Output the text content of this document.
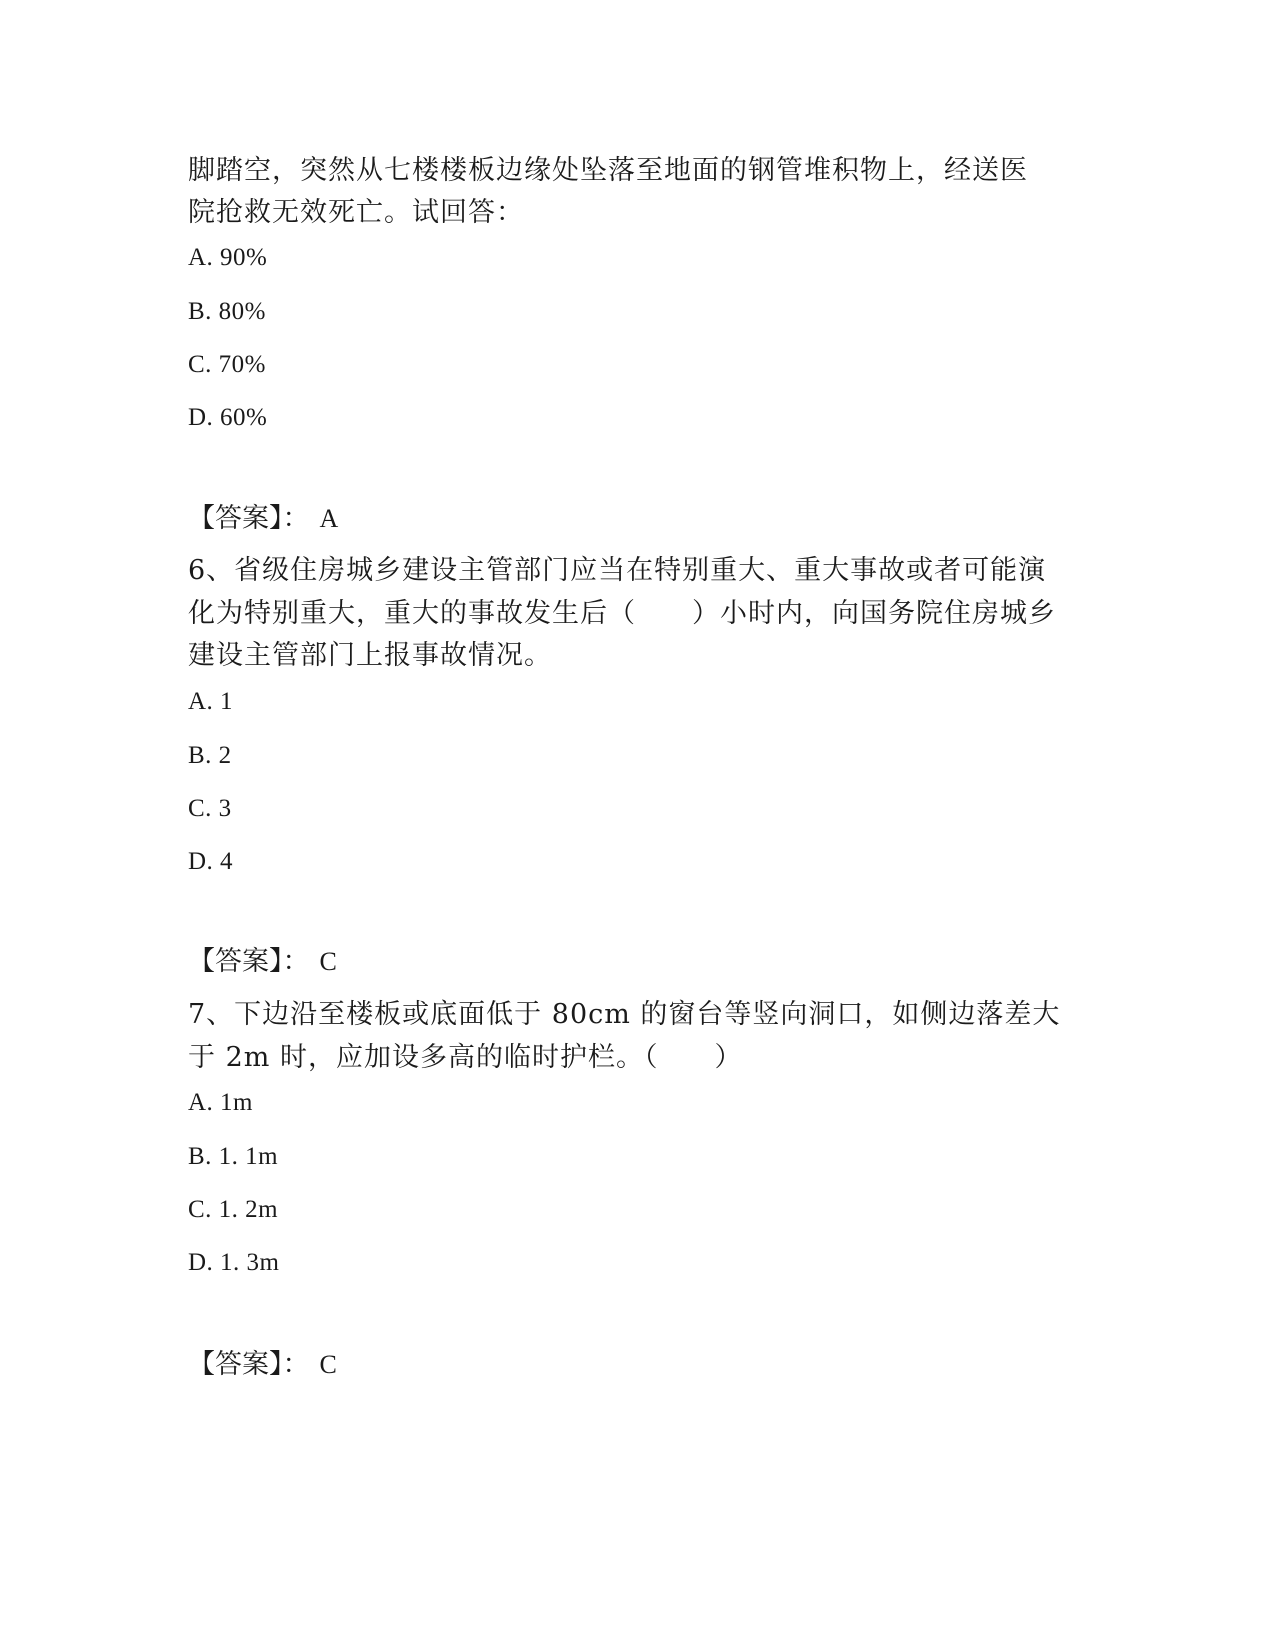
脚踏空，突然从七楼楼板边缘处坠落至地面的钢管堆积物上，经送医
院抢救无效死亡。试回答：
A. 90%
B. 80%
C. 70%
D. 60%
【答案】： A
6、省级住房城乡建设主管部门应当在特别重大、重大事故或者可能演
化为特别重大，重大的事故发生后（　　）小时内，向国务院住房城乡
建设主管部门上报事故情况。
A. 1
B. 2
C. 3
D. 4
【答案】： C
7、下边沿至楼板或底面低于 80cm 的窗台等竖向洞口，如侧边落差大
于 2m 时，应加设多高的临时护栏。（　　）
A. 1m
B. 1. 1m
C. 1. 2m
D. 1. 3m
【答案】： C
